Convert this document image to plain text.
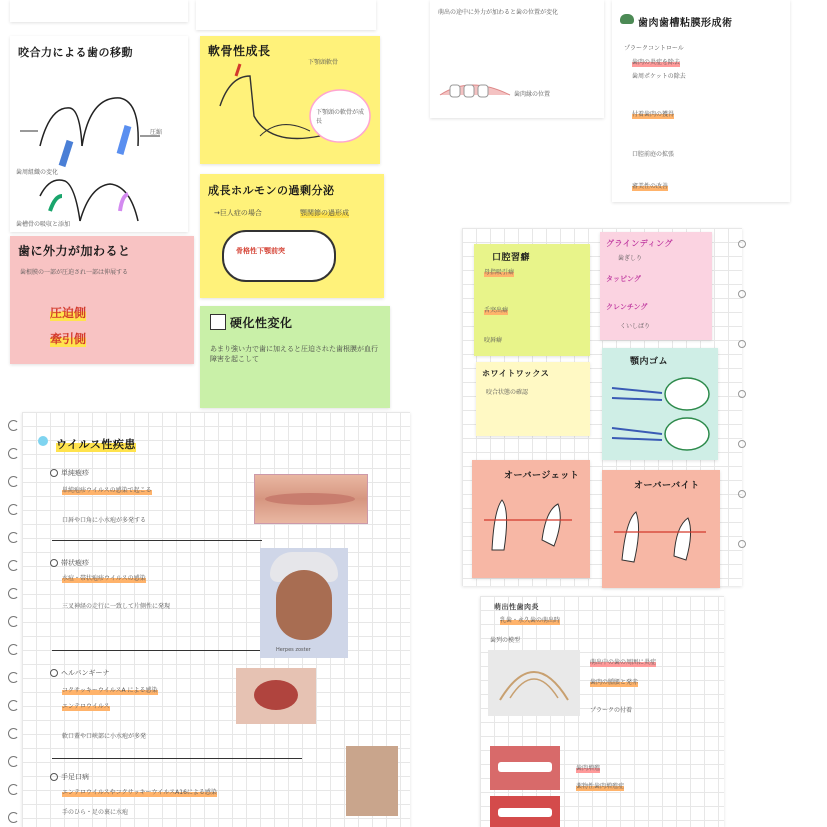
咬合力による歯の移動
圧縮
歯周組織の変化
歯槽骨の吸収と添加
軟骨性成長
下顎頭軟骨
下顎頭の軟骨が成長
成長ホルモンの過剰分泌
→巨人症の場合	顎関節の過形成
骨格性下顎前突
硬化性変化
あまり強い力で歯に加えると圧迫された歯根膜が血行障害を起こして
歯に外力が加わると
歯根膜の一部が圧迫され一部は伸展する
圧迫側
牽引側
萌出の途中に外力が加わると歯の位置が変化
歯肉縁の位置
歯肉歯槽粘膜形成術
プラークコントロール
歯肉の炎症を除去
歯周ポケットの除去
付着歯肉の獲得
口腔前庭の拡張
審美性の改善
口腔習癖
母指吸引癖
舌突出癖
咬唇癖
グラインディング
歯ぎしり
タッピング
クレンチング
くいしばり
ホワイトワックス
咬合状態の確認
顎内ゴム
オーバージェット
オーバーバイト
ウイルス性疾患
単純疱疹
単純疱疹ウイルスの感染で起こる
口唇や口角に小水疱が多発する
帯状疱疹
水痘・帯状疱疹ウイルスの感染
三叉神経の走行に一致して片側性に発現
ヘルパンギーナ
コクサッキーウイルスA による感染
エンテロウイルス
軟口蓋や口峡部に小水疱が多発
手足口病
エンテロウイルスやコクサッキーウイルスA16による感染
手のひら・足の裏に水疱
Herpes zoster
萌出性歯肉炎
乳歯・永久歯の萌出時
歯列の模型
萌出中の歯の周囲に炎症
歯肉の腫脹と発赤
プラークの付着
歯肉増殖
薬物性歯肉増殖症
